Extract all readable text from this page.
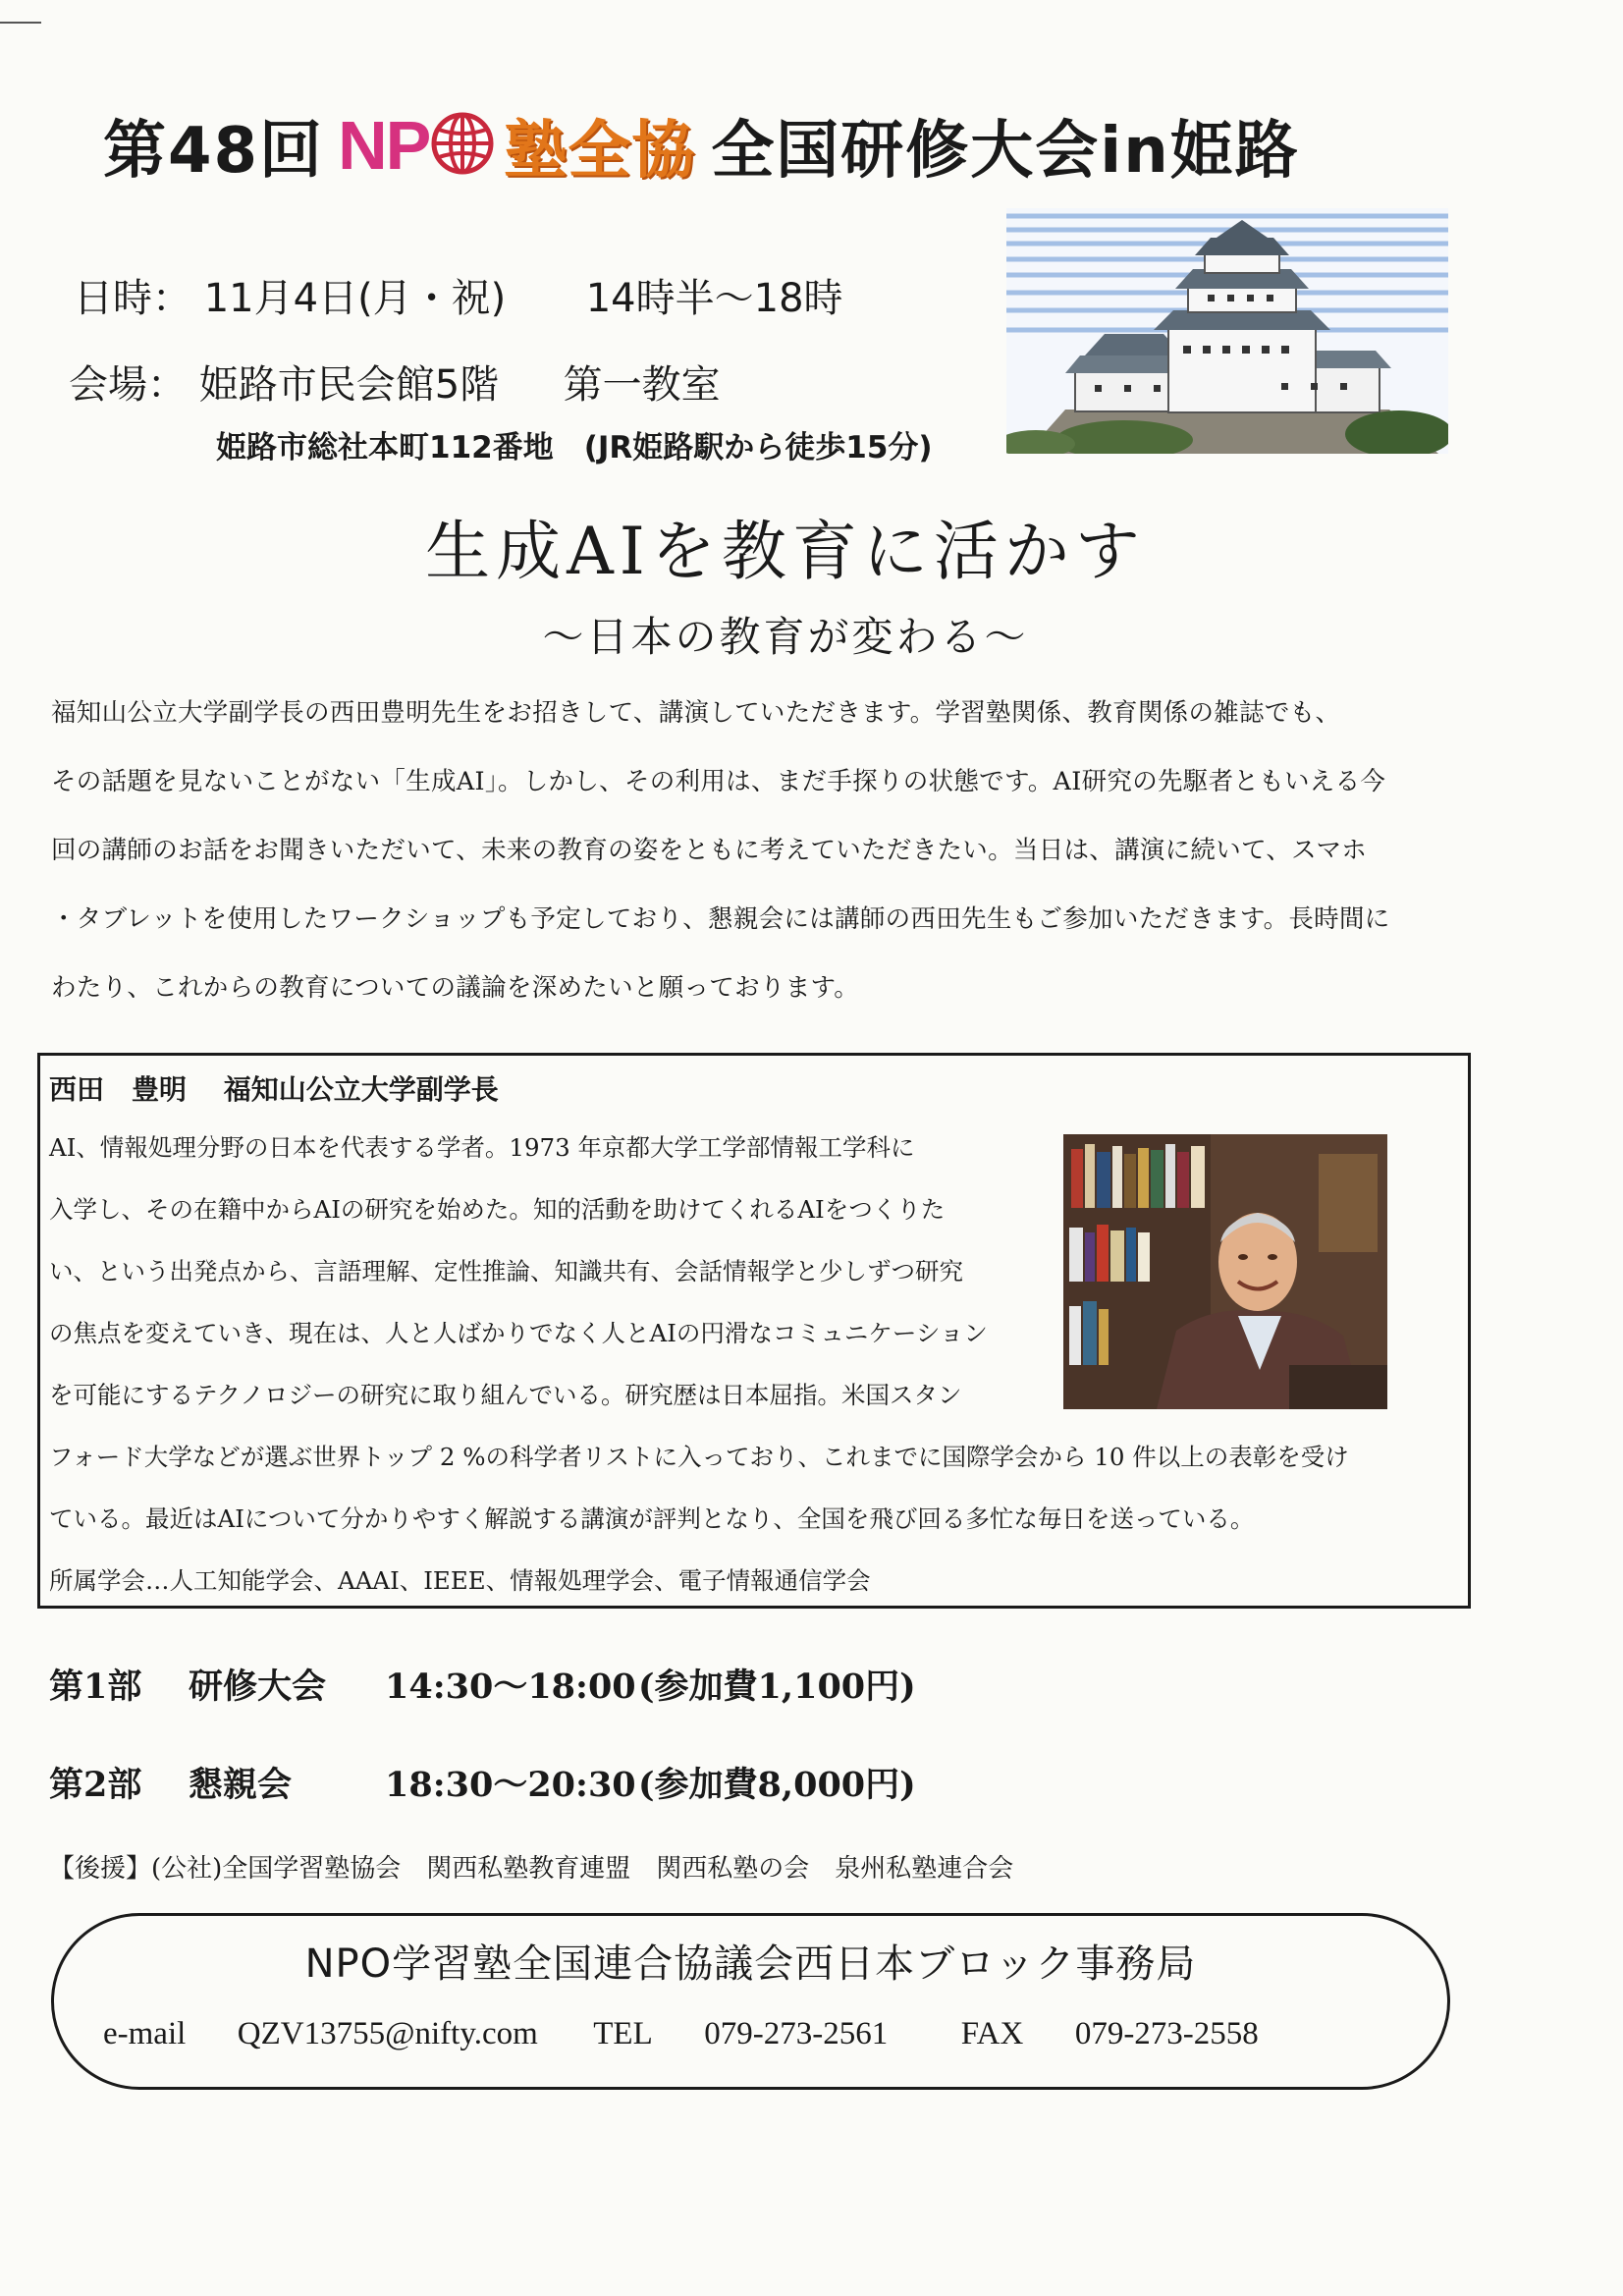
第48回 NP 塾全協 全国研修大会in姫路
日時： 11月4日(月・祝) 14時半～18時
会場： 姫路市民会館5階 第一教室
姫路市総社本町112番地　(JR姫路駅から徒歩15分)
生成AIを教育に活かす
～日本の教育が変わる～
福知山公立大学副学長の西田豊明先生をお招きして、講演していただきます。学習塾関係、教育関係の雑誌でも、
その話題を見ないことがない「生成AI」。しかし、その利用は、まだ手探りの状態です。AI研究の先駆者ともいえる今
回の講師のお話をお聞きいただいて、未来の教育の姿をともに考えていただきたい。当日は、講演に続いて、スマホ
・タブレットを使用したワークショップも予定しており、懇親会には講師の西田先生もご参加いただきます。長時間に
わたり、これからの教育についての議論を深めたいと願っております。
西田　豊明　 福知山公立大学副学長
AI、情報処理分野の日本を代表する学者。1973 年京都大学工学部情報工学科に
入学し、その在籍中からAIの研究を始めた。知的活動を助けてくれるAIをつくりた
い、という出発点から、言語理解、定性推論、知識共有、会話情報学と少しずつ研究
の焦点を変えていき、現在は、人と人ばかりでなく人とAIの円滑なコミュニケーション
を可能にするテクノロジーの研究に取り組んでいる。研究歴は日本屈指。米国スタン
フォード大学などが選ぶ世界トップ 2 %の科学者リストに入っており、これまでに国際学会から 10 件以上の表彰を受け
ている。最近はAIについて分かりやすく解説する講演が評判となり、全国を飛び回る多忙な毎日を送っている。
所属学会…人工知能学会、AAAI、IEEE、情報処理学会、電子情報通信学会
第1部 研修大会 14:30～18:00 (参加費1,100円)
第2部 懇親会	18:30～20:30 (参加費8,000円)
【後援】(公社)全国学習塾協会　関西私塾教育連盟　関西私塾の会　泉州私塾連合会
NPO学習塾全国連合協議会西日本ブロック事務局
e-mail QZV13755@nifty.com TEL 079-273-2561 FAX 079-273-2558
